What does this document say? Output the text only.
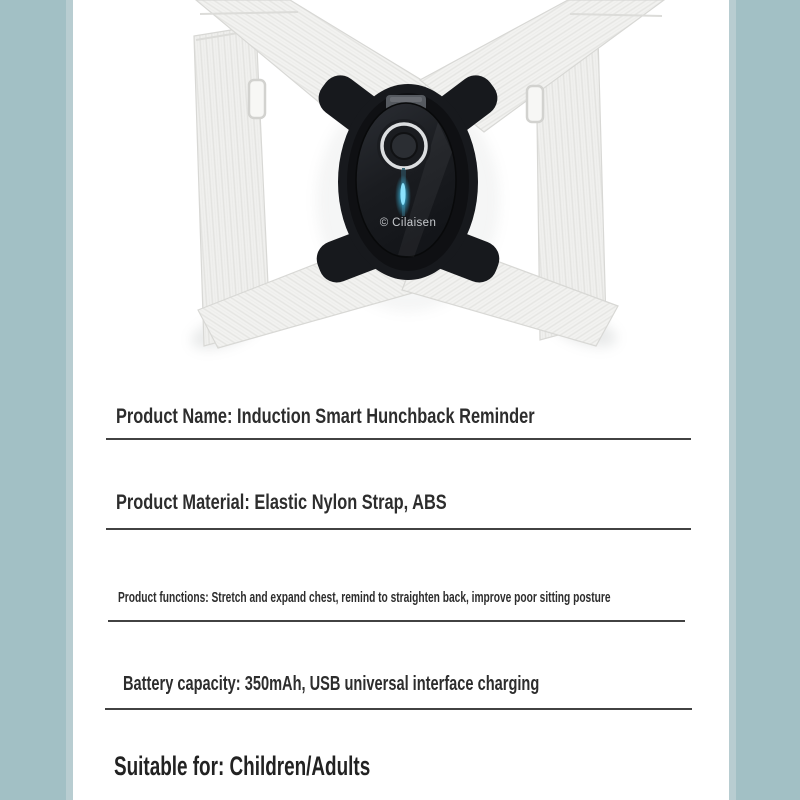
© Cilaisen
Product Name: Induction Smart Hunchback Reminder
Product Material: Elastic Nylon Strap, ABS
Product functions: Stretch and expand chest, remind to straighten back, improve poor sitting posture
Battery capacity: 350mAh, USB universal interface charging
Suitable for: Children/Adults
